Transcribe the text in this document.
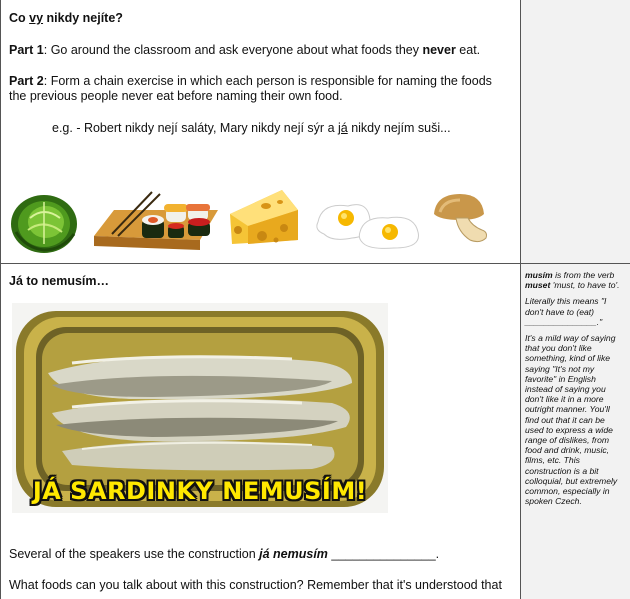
Co vy nikdy nejíte?
Part 1: Go around the classroom and ask everyone about what foods they never eat.
Part 2: Form a chain exercise in which each person is responsible for naming the foods
the previous people never eat before naming their own food.
e.g. - Robert nikdy nejí saláty, Mary nikdy nejí sýr a já nikdy nejím suši...
Já to nemusím…
JÁ SARDINKY NEMUSÍM!
Several of the speakers use the construction já nemusím _______________.
What foods can you talk about with this construction? Remember that it's understood that

musím is from the verb muset 'must, to have to'.

Literally this means "I don't have to (eat) _______________."

It's a mild way of saying that you don't like something, kind of like saying "It's not my favorite" in English instead of saying you don't like it in a more outright manner. You'll find out that it can be used to express a wide range of dislikes, from food and drink, music, films, etc. This construction is a bit colloquial, but extremely common, especially in spoken Czech.
